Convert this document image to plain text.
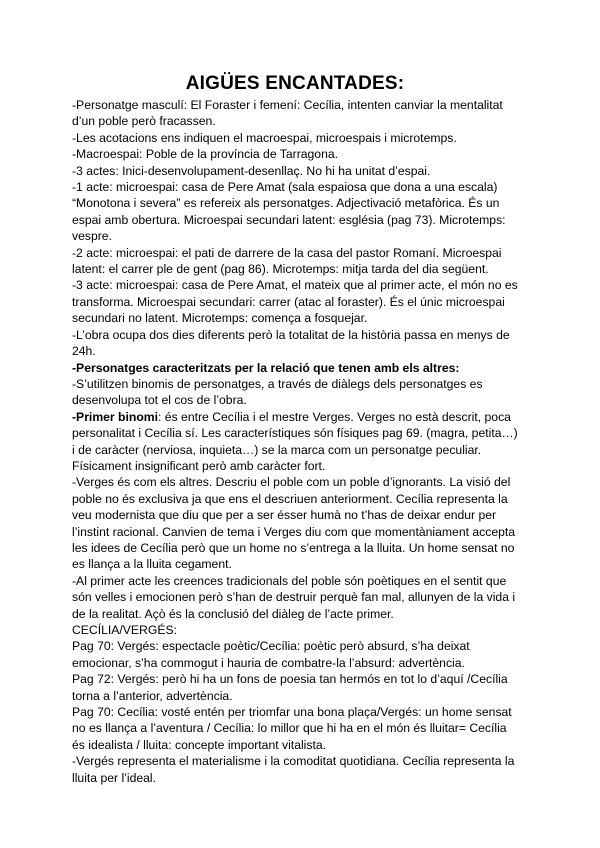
AIGÜES ENCANTADES:

-Personatge masculí: El Foraster i femení: Cecília, intenten canviar la mentalitat d’un poble però fracassen.

-Les acotacions ens indiquen el macroespai, microespais i microtemps.

-Macroespai: Poble de la província de Tarragona.

-3 actes: Inici-desenvolupament-desenllaç. No hi ha unitat d’espai.

-1 acte: microespai: casa de Pere Amat (sala espaiosa que dona a una escala) “Monotona i severa” es refereix als personatges. Adjectivació metafòrica. És un espai amb obertura. Microespai secundari latent: església (pag 73). Microtemps: vespre.

-2 acte: microespai: el pati de darrere de la casa del pastor Romaní. Microespai latent: el carrer ple de gent (pag 86). Microtemps: mitja tarda del dia següent.

-3 acte: microespai: casa de Pere Amat, el mateix que al primer acte, el món no es transforma. Microespai secundari: carrer (atac al foraster). És el únic microespai secundari no latent. Microtemps: comença a fosquejar.

-L’obra ocupa dos dies diferents però la totalitat de la història passa en menys de 24h.

-Personatges caracteritzats per la relació que tenen amb els altres:

-S’utilitzen binomis de personatges, a través de diàlegs dels personatges es desenvolupa tot el cos de l’obra.

-Primer binomi: és entre Cecília i el mestre Verges. Verges no està descrit, poca personalitat i Cecília sí. Les característiques són físiques pag 69. (magra, petita…) i de caràcter (nerviosa, inquieta…) se la marca com un personatge peculiar. Físicament insignificant però amb caràcter fort.

-Verges és com els altres. Descriu el poble com un poble d’ignorants. La visió del poble no és exclusiva ja que ens el descriuen anteriorment. Cecília representa la veu modernista que diu que per a ser ésser humà no t’has de deixar endur per l’instint racional. Canvien de tema i Verges diu com que momentàniament accepta les idees de Cecília però que un home no s’entrega a la lluita. Un home sensat no es llança a la lluita cegament.

-Al primer acte les creences tradicionals del poble són poètiques en el sentit que són velles i emocionen però s’han de destruir perquè fan mal, allunyen de la vida i de la realitat. Açò és la conclusió del diàleg de l’acte primer.

CECÍLIA/VERGÉS:

Pag 70: Vergés: espectacle poètic/Cecília: poètic però absurd, s’ha deixat emocionar, s’ha commogut i hauria de combatre-la l’absurd: advertència.

Pag 72: Vergés: però hi ha un fons de poesia tan hermós en tot lo d’aquí /Cecília torna a l’anterior, advertència.

Pag 70: Cecília: vosté entén per triomfar una bona plaça/Vergés: un home sensat no es llança a l’aventura / Cecília: lo millor que hi ha en el món és lluitar= Cecília és idealista / lluita: concepte important vitalista.

-Vergés representa el materialisme i la comoditat quotidiana. Cecília representa la lluita per l’ideal.
